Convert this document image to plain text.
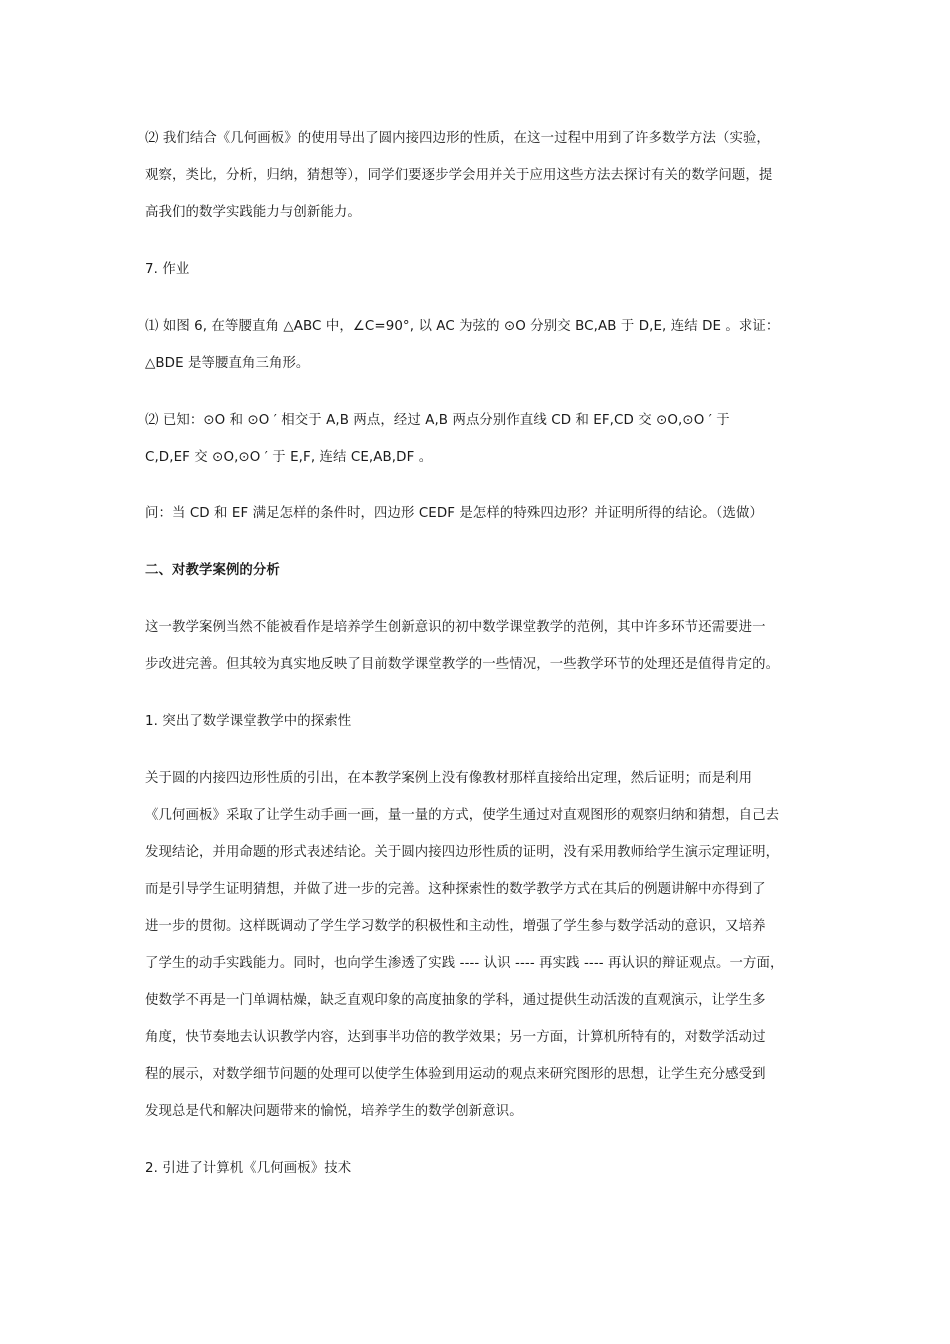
⑵ 我们结合《几何画板》的使用导出了圆内接四边形的性质，在这一过程中用到了许多数学方法（实验，
观察，类比，分析，归纳，猜想等），同学们要逐步学会用并关于应用这些方法去探讨有关的数学问题，提
高我们的数学实践能力与创新能力。
7. 作业
⑴ 如图 6, 在等腰直角 △ABC 中，∠C=90°, 以 AC 为弦的 ⊙O 分别交 BC,AB 于 D,E, 连结 DE 。求证：
△BDE 是等腰直角三角形。
⑵ 已知：⊙O 和 ⊙O ′ 相交于 A,B 两点，经过 A,B 两点分别作直线 CD 和 EF,CD 交 ⊙O,⊙O ′ 于
C,D,EF 交 ⊙O,⊙O ′ 于 E,F, 连结 CE,AB,DF 。
问：当 CD 和 EF 满足怎样的条件时，四边形 CEDF 是怎样的特殊四边形？并证明所得的结论。（选做）
二、对教学案例的分析
这一教学案例当然不能被看作是培养学生创新意识的初中数学课堂教学的范例，其中许多环节还需要进一
步改进完善。但其较为真实地反映了目前数学课堂教学的一些情况，一些教学环节的处理还是值得肯定的。
1. 突出了数学课堂教学中的探索性
关于圆的内接四边形性质的引出，在本教学案例上没有像教材那样直接给出定理，然后证明；而是利用
《几何画板》采取了让学生动手画一画，量一量的方式，使学生通过对直观图形的观察归纳和猜想，自己去
发现结论，并用命题的形式表述结论。关于圆内接四边形性质的证明，没有采用教师给学生演示定理证明，
而是引导学生证明猜想，并做了进一步的完善。这种探索性的数学教学方式在其后的例题讲解中亦得到了
进一步的贯彻。这样既调动了学生学习数学的积极性和主动性，增强了学生参与数学活动的意识，又培养
了学生的动手实践能力。同时，也向学生渗透了实践 ---- 认识 ---- 再实践 ---- 再认识的辩证观点。一方面，
使数学不再是一门单调枯燥，缺乏直观印象的高度抽象的学科，通过提供生动活泼的直观演示，让学生多
角度，快节奏地去认识教学内容，达到事半功倍的教学效果；另一方面，计算机所特有的，对数学活动过
程的展示，对数学细节问题的处理可以使学生体验到用运动的观点来研究图形的思想，让学生充分感受到
发现总是代和解决问题带来的愉悦，培养学生的数学创新意识。
2. 引进了计算机《几何画板》技术
